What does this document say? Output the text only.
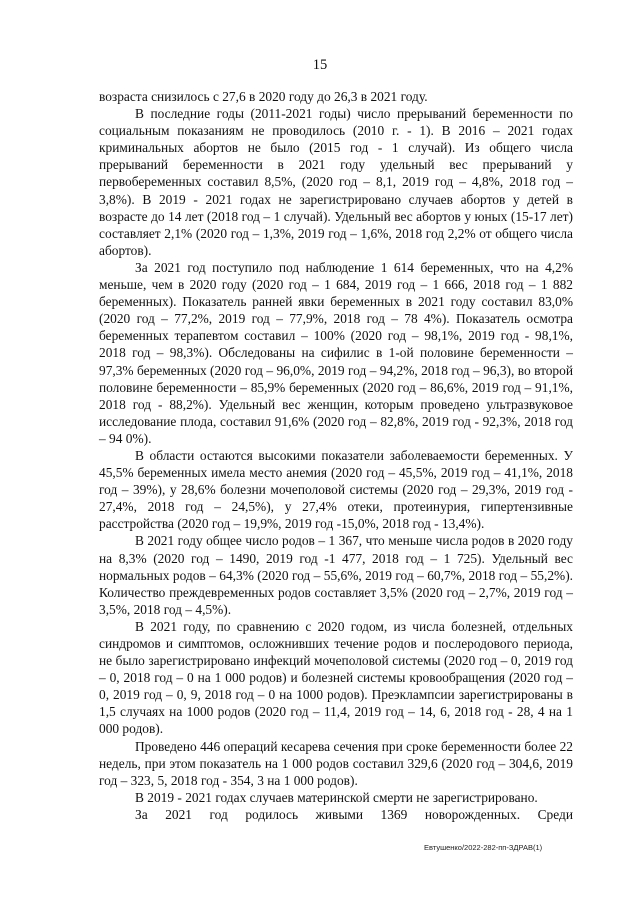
15

возраста снизилось с 27,6 в 2020 году до 26,3 в 2021 году.

В последние годы (2011-2021 годы) число прерываний беременности по социальным показаниям не проводилось (2010 г. - 1). В 2016 – 2021 годах криминальных абортов не было (2015 год - 1 случай). Из общего числа прерываний беременности в 2021 году удельный вес прерываний у первобеременных составил 8,5%, (2020 год – 8,1, 2019 год – 4,8%, 2018 год – 3,8%). В 2019 - 2021 годах не зарегистрировано случаев абортов у детей в возрасте до 14 лет (2018 год – 1 случай). Удельный вес абортов у юных (15-17 лет) составляет 2,1% (2020 год – 1,3%, 2019 год – 1,6%, 2018 год 2,2% от общего числа абортов).

За 2021 год поступило под наблюдение 1 614 беременных, что на 4,2% меньше, чем в 2020 году (2020 год – 1 684, 2019 год – 1 666, 2018 год – 1 882 беременных). Показатель ранней явки беременных в 2021 году составил 83,0% (2020 год – 77,2%, 2019 год – 77,9%, 2018 год – 78 4%). Показатель осмотра беременных терапевтом составил – 100% (2020 год – 98,1%, 2019 год - 98,1%, 2018 год – 98,3%). Обследованы на сифилис в 1-ой половине беременности – 97,3% беременных (2020 год – 96,0%, 2019 год – 94,2%, 2018 год – 96,3), во второй половине беременности – 85,9% беременных (2020 год – 86,6%, 2019 год – 91,1%, 2018 год - 88,2%). Удельный вес женщин, которым проведено ультразвуковое исследование плода, составил 91,6% (2020 год – 82,8%, 2019 год - 92,3%, 2018 год – 94 0%).

В области остаются высокими показатели заболеваемости беременных. У 45,5% беременных имела место анемия (2020 год – 45,5%, 2019 год – 41,1%, 2018 год – 39%), у 28,6% болезни мочеполовой системы (2020 год – 29,3%, 2019 год - 27,4%, 2018 год – 24,5%), у 27,4% отеки, протеинурия, гипертензивные расстройства (2020 год – 19,9%, 2019 год -15,0%, 2018 год - 13,4%).

В 2021 году общее число родов – 1 367, что меньше числа родов в 2020 году на 8,3% (2020 год – 1490, 2019 год -1 477, 2018 год – 1 725). Удельный вес нормальных родов – 64,3% (2020 год – 55,6%, 2019 год – 60,7%, 2018 год – 55,2%). Количество преждевременных родов составляет 3,5% (2020 год – 2,7%, 2019 год – 3,5%, 2018 год – 4,5%).

В 2021 году, по сравнению с 2020 годом, из числа болезней, отдельных синдромов и симптомов, осложнивших течение родов и послеродового периода, не было зарегистрировано инфекций мочеполовой системы (2020 год – 0, 2019 год – 0, 2018 год – 0 на 1 000 родов) и болезней системы кровообращения (2020 год – 0, 2019 год – 0, 9, 2018 год – 0 на 1000 родов). Преэклампсии зарегистрированы в 1,5 случаях на 1000 родов (2020 год – 11,4, 2019 год – 14, 6, 2018 год - 28, 4 на 1 000 родов).

Проведено 446 операций кесарева сечения при сроке беременности более 22 недель, при этом показатель на 1 000 родов составил 329,6 (2020 год – 304,6, 2019 год – 323, 5, 2018 год - 354, 3 на 1 000 родов).

В 2019 - 2021 годах случаев материнской смерти не зарегистрировано.

За 2021 год родилось живыми 1369 новорожденных. Среди

Евтушенко/2022-282-пп-ЗДРАВ(1)
